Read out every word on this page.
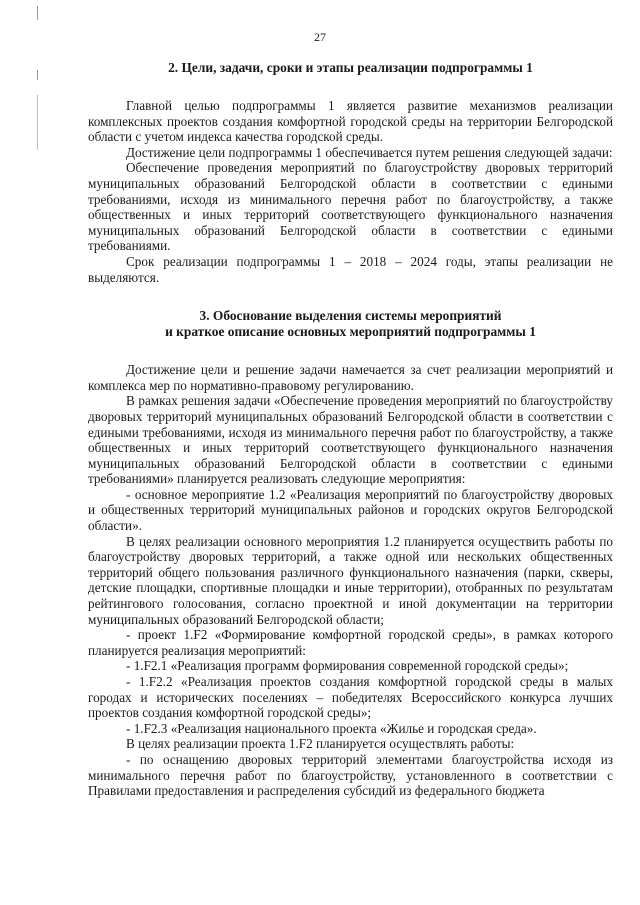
27
2. Цели, задачи, сроки и этапы реализации подпрограммы 1

Главной целью подпрограммы 1 является развитие механизмов реализации комплексных проектов создания комфортной городской среды на территории Белгородской области с учетом индекса качества городской среды.

Достижение цели подпрограммы 1 обеспечивается путем решения следующей задачи:

Обеспечение проведения мероприятий по благоустройству дворовых территорий муниципальных образований Белгородской области в соответствии с едиными требованиями, исходя из минимального перечня работ по благоустройству, а также общественных и иных территорий соответствующего функционального назначения муниципальных образований Белгородской области в соответствии с едиными требованиями.

Срок реализации подпрограммы 1 – 2018 – 2024 годы, этапы реализации не выделяются.

3. Обоснование выделения системы мероприятий
и краткое описание основных мероприятий подпрограммы 1

Достижение цели и решение задачи намечается за счет реализации мероприятий и комплекса мер по нормативно-правовому регулированию.

В рамках решения задачи «Обеспечение проведения мероприятий по благоустройству дворовых территорий муниципальных образований Белгородской области в соответствии с едиными требованиями, исходя из минимального перечня работ по благоустройству, а также общественных и иных территорий соответствующего функционального назначения муниципальных образований Белгородской области в соответствии с едиными требованиями» планируется реализовать следующие мероприятия:

- основное мероприятие 1.2 «Реализация мероприятий по благоустройству дворовых и общественных территорий муниципальных районов и городских округов Белгородской области».

В целях реализации основного мероприятия 1.2 планируется осуществить работы по благоустройству дворовых территорий, а также одной или нескольких общественных территорий общего пользования различного функционального назначения (парки, скверы, детские площадки, спортивные площадки и иные территории), отобранных по результатам рейтингового голосования, согласно проектной и иной документации на территории муниципальных образований Белгородской области;

- проект 1.F2 «Формирование комфортной городской среды», в рамках которого планируется реализация мероприятий:

- 1.F2.1 «Реализация программ формирования современной городской среды»;

- 1.F2.2 «Реализация проектов создания комфортной городской среды в малых городах и исторических поселениях – победителях Всероссийского конкурса лучших проектов создания комфортной городской среды»;

- 1.F2.3 «Реализация национального проекта «Жилье и городская среда».

В целях реализации проекта 1.F2 планируется осуществлять работы:

- по оснащению дворовых территорий элементами благоустройства исходя из минимального перечня работ по благоустройству, установленного в соответствии с Правилами предоставления и распределения субсидий из федерального бюджета
